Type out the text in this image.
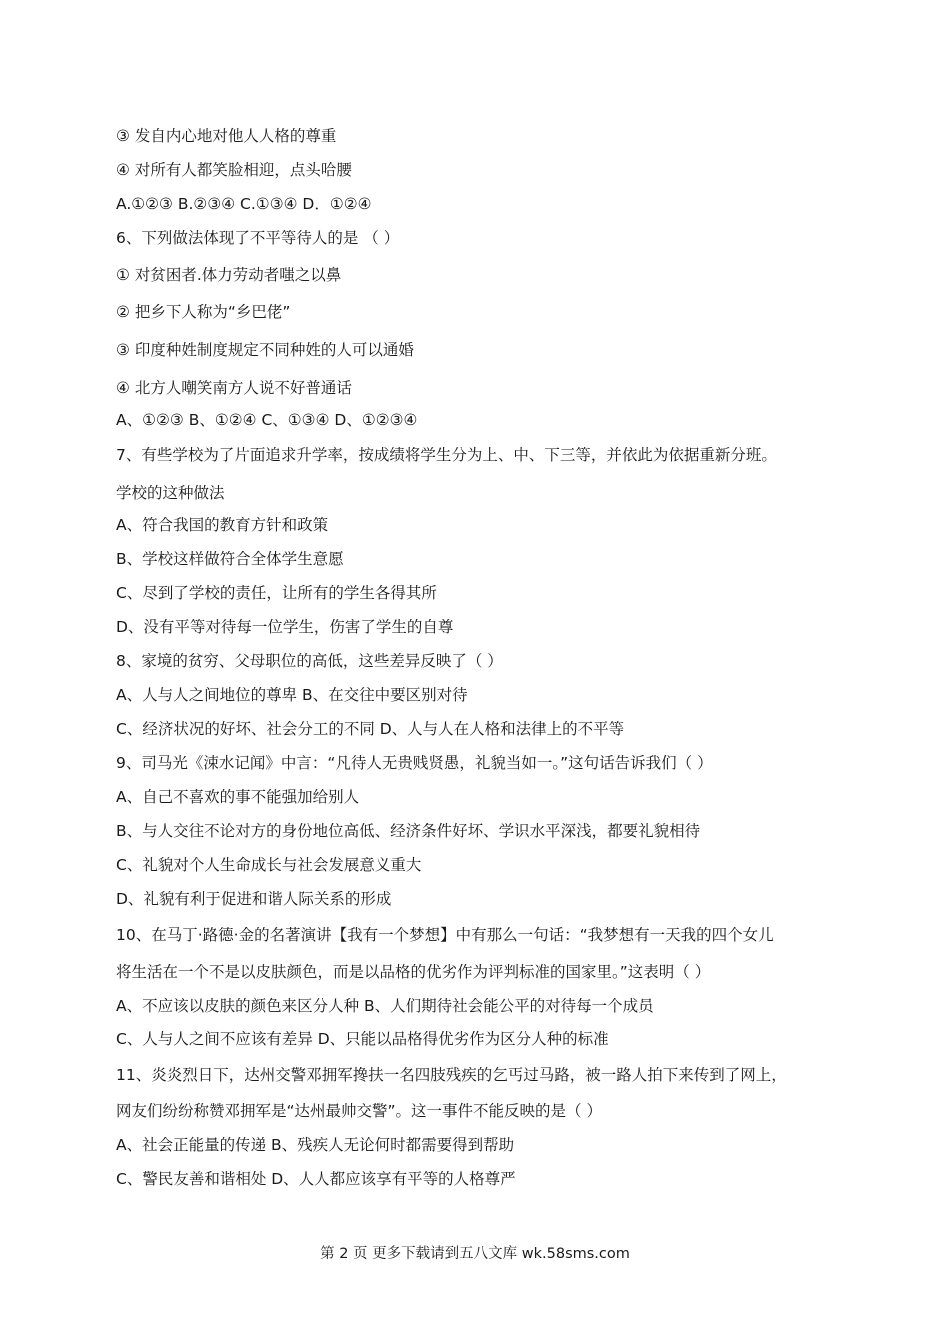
③ 发自内心地对他人人格的尊重
④ 对所有人都笑脸相迎，点头哈腰
A.①②③ B.②③④ C.①③④ D．①②④
6、下列做法体现了不平等待人的是 （ ）
① 对贫困者.体力劳动者嗤之以鼻
② 把乡下人称为“乡巴佬”
③ 印度种姓制度规定不同种姓的人可以通婚
④ 北方人嘲笑南方人说不好普通话
A、①②③ B、①②④ C、①③④ D、①②③④
7、有些学校为了片面追求升学率，按成绩将学生分为上、中、下三等，并依此为依据重新分班。
学校的这种做法
A、符合我国的教育方针和政策
B、学校这样做符合全体学生意愿
C、尽到了学校的责任，让所有的学生各得其所
D、没有平等对待每一位学生，伤害了学生的自尊
8、家境的贫穷、父母职位的高低，这些差异反映了（ ）
A、人与人之间地位的尊卑 B、在交往中要区别对待
C、经济状况的好坏、社会分工的不同 D、人与人在人格和法律上的不平等
9、司马光《涑水记闻》中言：“凡待人无贵贱贤愚，礼貌当如一。”这句话告诉我们（ ）
A、自己不喜欢的事不能强加给别人
B、与人交往不论对方的身份地位高低、经济条件好坏、学识水平深浅，都要礼貌相待
C、礼貌对个人生命成长与社会发展意义重大
D、礼貌有利于促进和谐人际关系的形成
10、在马丁·路德·金的名著演讲【我有一个梦想】中有那么一句话：“我梦想有一天我的四个女儿
将生活在一个不是以皮肤颜色，而是以品格的优劣作为评判标准的国家里。”这表明（ ）
A、不应该以皮肤的颜色来区分人种 B、人们期待社会能公平的对待每一个成员
C、人与人之间不应该有差异 D、只能以品格得优劣作为区分人种的标准
11、炎炎烈日下，达州交警邓拥军搀扶一名四肢残疾的乞丐过马路，被一路人拍下来传到了网上，
网友们纷纷称赞邓拥军是“达州最帅交警”。这一事件不能反映的是（ ）
A、社会正能量的传递 B、残疾人无论何时都需要得到帮助
C、警民友善和谐相处 D、人人都应该享有平等的人格尊严
第 2 页 更多下载请到五八文库 wk.58sms.com
